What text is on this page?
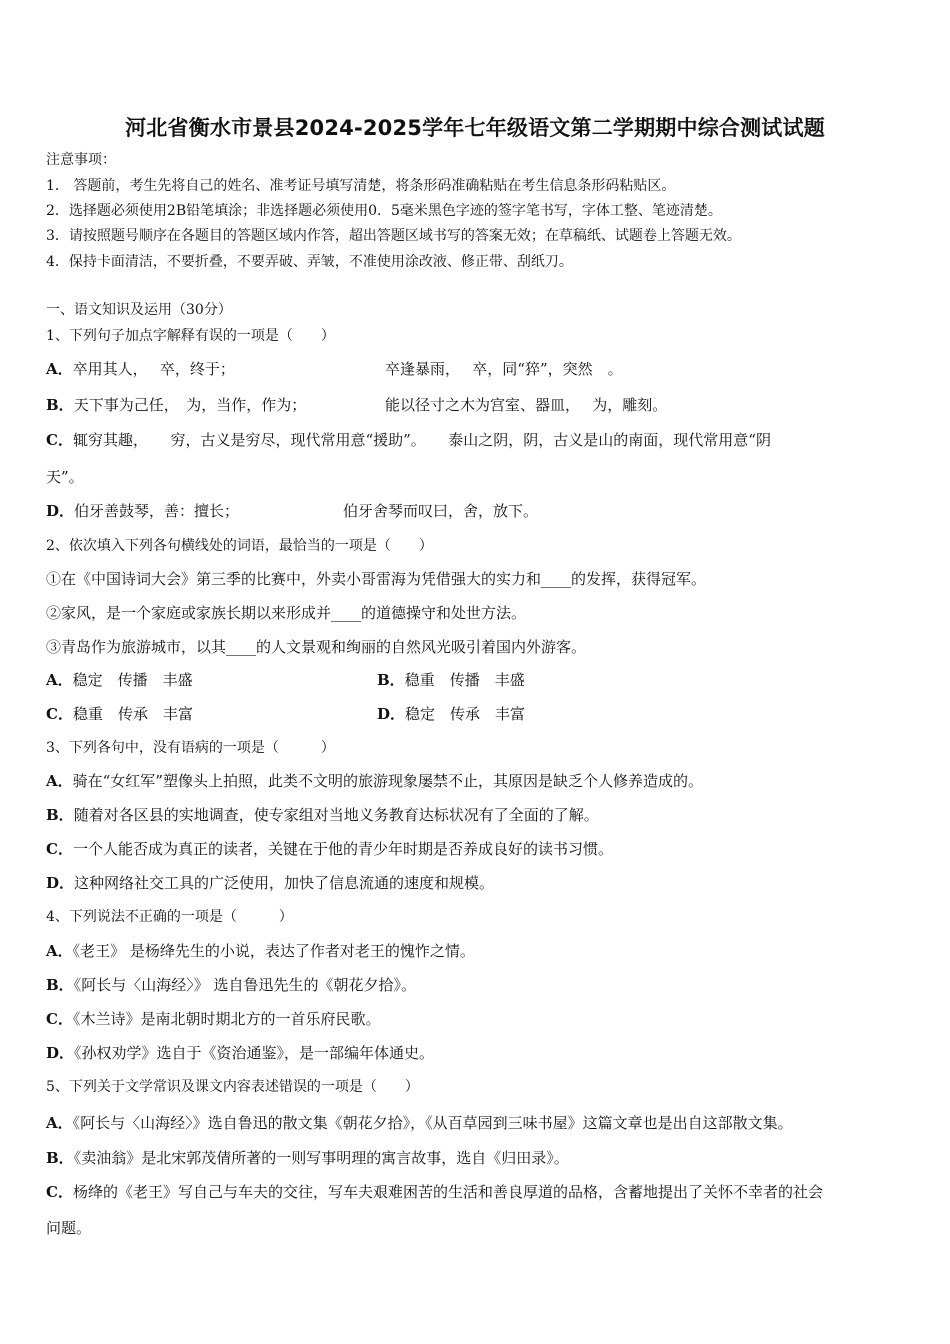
河北省衡水市景县2024-2025学年七年级语文第二学期期中综合测试试题
注意事项：
1． 答题前，考生先将自己的姓名、准考证号填写清楚，将条形码准确粘贴在考生信息条形码粘贴区。
2．选择题必须使用2B铅笔填涂；非选择题必须使用0．5毫米黑色字迹的签字笔书写，字体工整、笔迹清楚。
3．请按照题号顺序在各题目的答题区域内作答，超出答题区域书写的答案无效；在草稿纸、试题卷上答题无效。
4．保持卡面清洁，不要折叠，不要弄破、弄皱，不准使用涂改液、修正带、刮纸刀。
一、语文知识及运用（30分）
1、下列句子加点字解释有误的一项是（　　）
A．卒用其人，　 卒，终于；	卒逢暴雨，　 卒，同“猝”，突然　。
B．天下事为己任，　为，当作，作为；	能以径寸之木为宫室、器皿，　 为，雕刻。
C．辄穷其趣，　　穷，古义是穷尽，现代常用意“援助”。　　泰山之阴，阴，古义是山的南面，现代常用意“阴
天”。
D．伯牙善鼓琴，善：擅长；	伯牙舍琴而叹曰，舍，放下。
2、依次填入下列各句横线处的词语，最恰当的一项是（　　）
①在《中国诗词大会》第三季的比赛中，外卖小哥雷海为凭借强大的实力和____的发挥，获得冠军。
②家风，是一个家庭或家族长期以来形成并____的道德操守和处世方法。
③青岛作为旅游城市，以其____的人文景观和绚丽的自然风光吸引着国内外游客。
A．稳定　传播　丰盛	B．稳重　传播　丰盛
C．稳重　传承　丰富	D．稳定　传承　丰富
3、下列各句中，没有语病的一项是（　　　）
A．骑在“女红军”塑像头上拍照，此类不文明的旅游现象屡禁不止，其原因是缺乏个人修养造成的。
B．随着对各区县的实地调查，使专家组对当地义务教育达标状况有了全面的了解。
C．一个人能否成为真正的读者，关键在于他的青少年时期是否养成良好的读书习惯。
D．这种网络社交工具的广泛使用，加快了信息流通的速度和规模。
4、下列说法不正确的一项是（　　　）
A．《老王》 是杨绛先生的小说，表达了作者对老王的愧怍之情。
B．《阿长与〈山海经〉》 选自鲁迅先生的《朝花夕拾》。
C．《木兰诗》是南北朝时期北方的一首乐府民歌。
D．《孙权劝学》选自于《资治通鉴》，是一部编年体通史。
5、下列关于文学常识及课文内容表述错误的一项是（　　）
A．《阿长与〈山海经〉》选自鲁迅的散文集《朝花夕拾》，《从百草园到三味书屋》这篇文章也是出自这部散文集。
B．《卖油翁》是北宋郭茂倩所著的一则写事明理的寓言故事，选自《归田录》。
C．杨绛的《老王》写自己与车夫的交往，写车夫艰难困苦的生活和善良厚道的品格，含蓄地提出了关怀不幸者的社会
问题。
